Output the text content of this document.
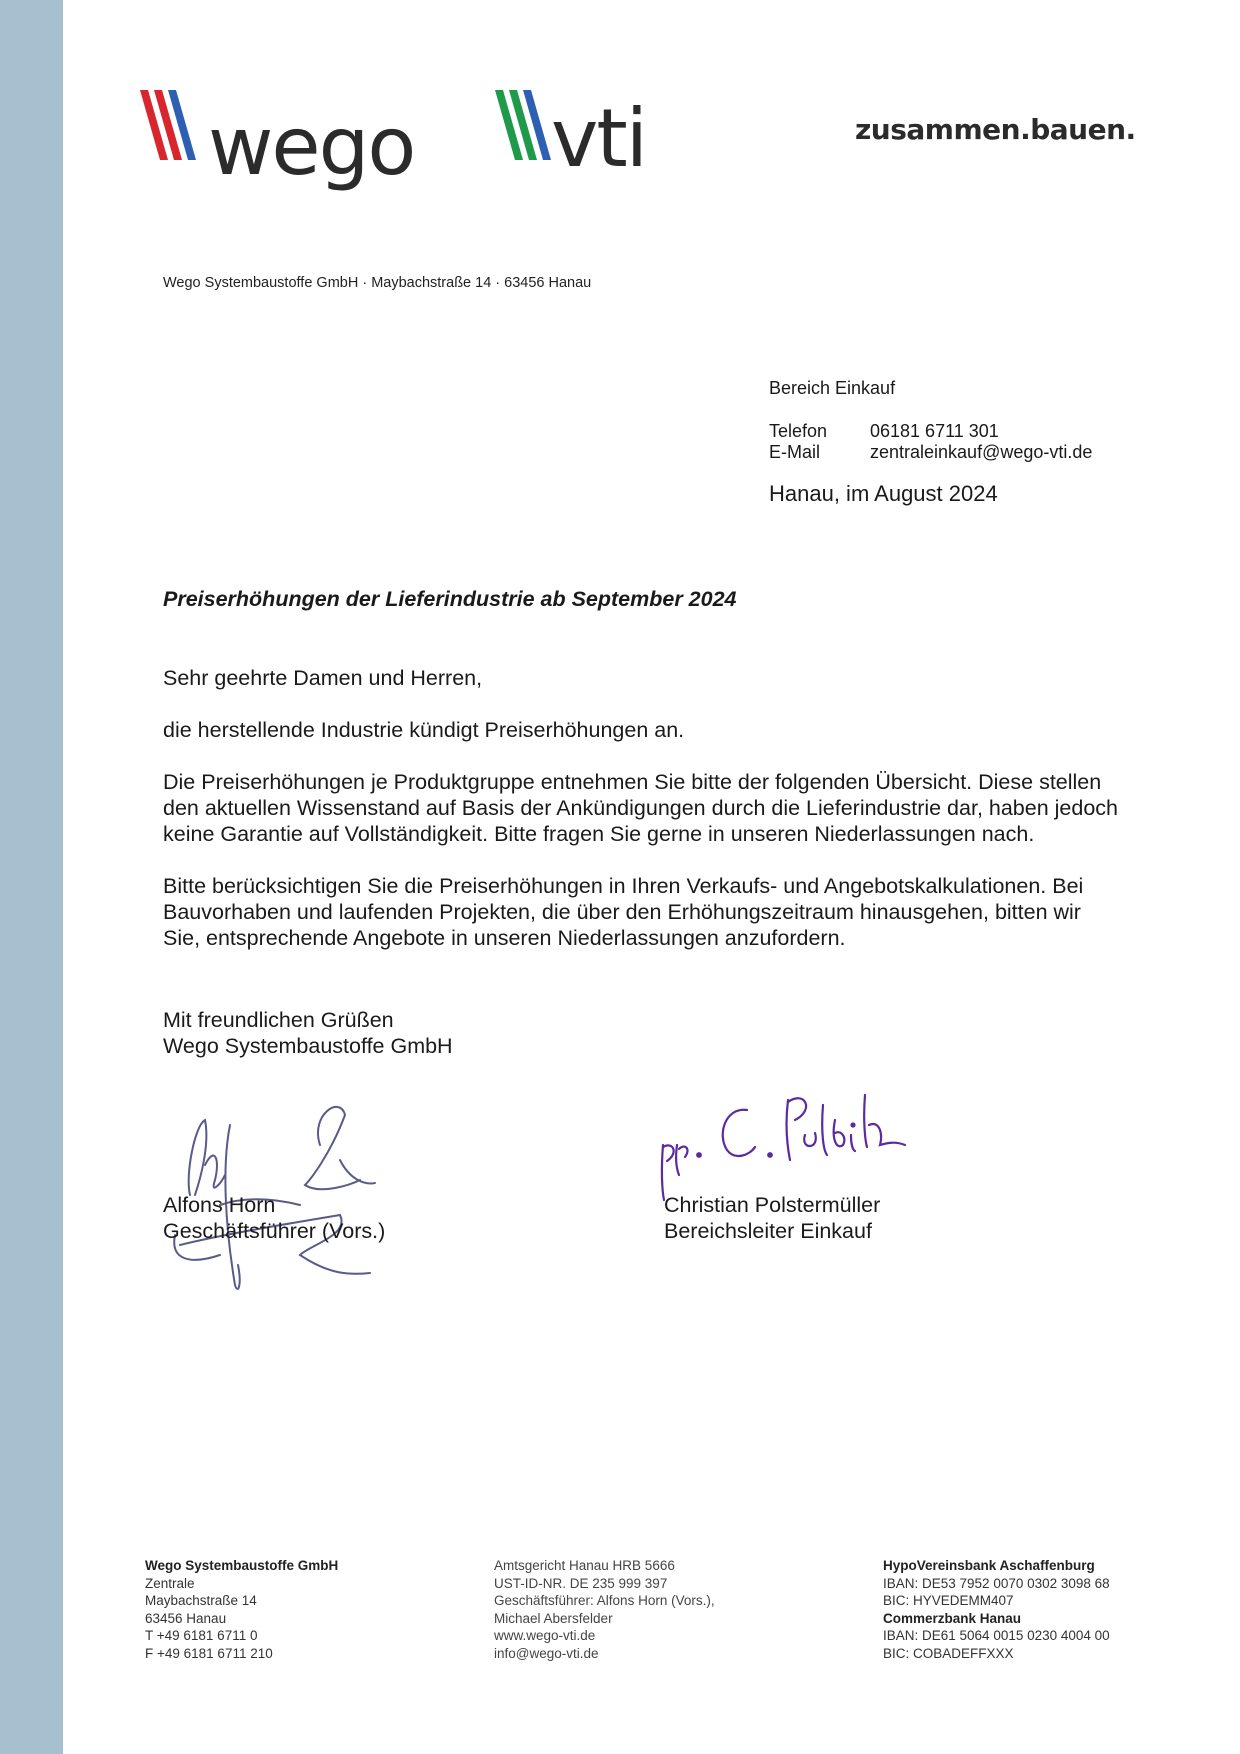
wego vti	zusammen.bauen.
Wego Systembaustoffe GmbH · Maybachstraße 14 · 63456 Hanau
Bereich Einkauf
Telefon	06181 6711 301
E-Mail	zentraleinkauf@wego-vti.de
Hanau, im August 2024
Preiserhöhungen der Lieferindustrie ab September 2024

Sehr geehrte Damen und Herren,

die herstellende Industrie kündigt Preiserhöhungen an.

Die Preiserhöhungen je Produktgruppe entnehmen Sie bitte der folgenden Übersicht. Diese stellen den aktuellen Wissenstand auf Basis der Ankündigungen durch die Lieferindustrie dar, haben jedoch keine Garantie auf Vollständigkeit. Bitte fragen Sie gerne in unseren Niederlassungen nach.

Bitte berücksichtigen Sie die Preiserhöhungen in Ihren Verkaufs- und Angebotskalkulationen. Bei Bauvorhaben und laufenden Projekten, die über den Erhöhungszeitraum hinausgehen, bitten wir Sie, entsprechende Angebote in unseren Niederlassungen anzufordern.

Mit freundlichen Grüßen
Wego Systembaustoffe GmbH
Alfons Horn
Geschäftsführer (Vors.)
Christian Polstermüller
Bereichsleiter Einkauf
Wego Systembaustoffe GmbH
Zentrale
Maybachstraße 14
63456 Hanau
T +49 6181 6711 0
F +49 6181 6711 210
Amtsgericht Hanau HRB 5666
UST-ID-NR. DE 235 999 397
Geschäftsführer: Alfons Horn (Vors.),
Michael Abersfelder
www.wego-vti.de
info@wego-vti.de
HypoVereinsbank Aschaffenburg
IBAN: DE53 7952 0070 0302 3098 68
BIC: HYVEDEMM407
Commerzbank Hanau
IBAN: DE61 5064 0015 0230 4004 00
BIC: COBADEFFXXX
